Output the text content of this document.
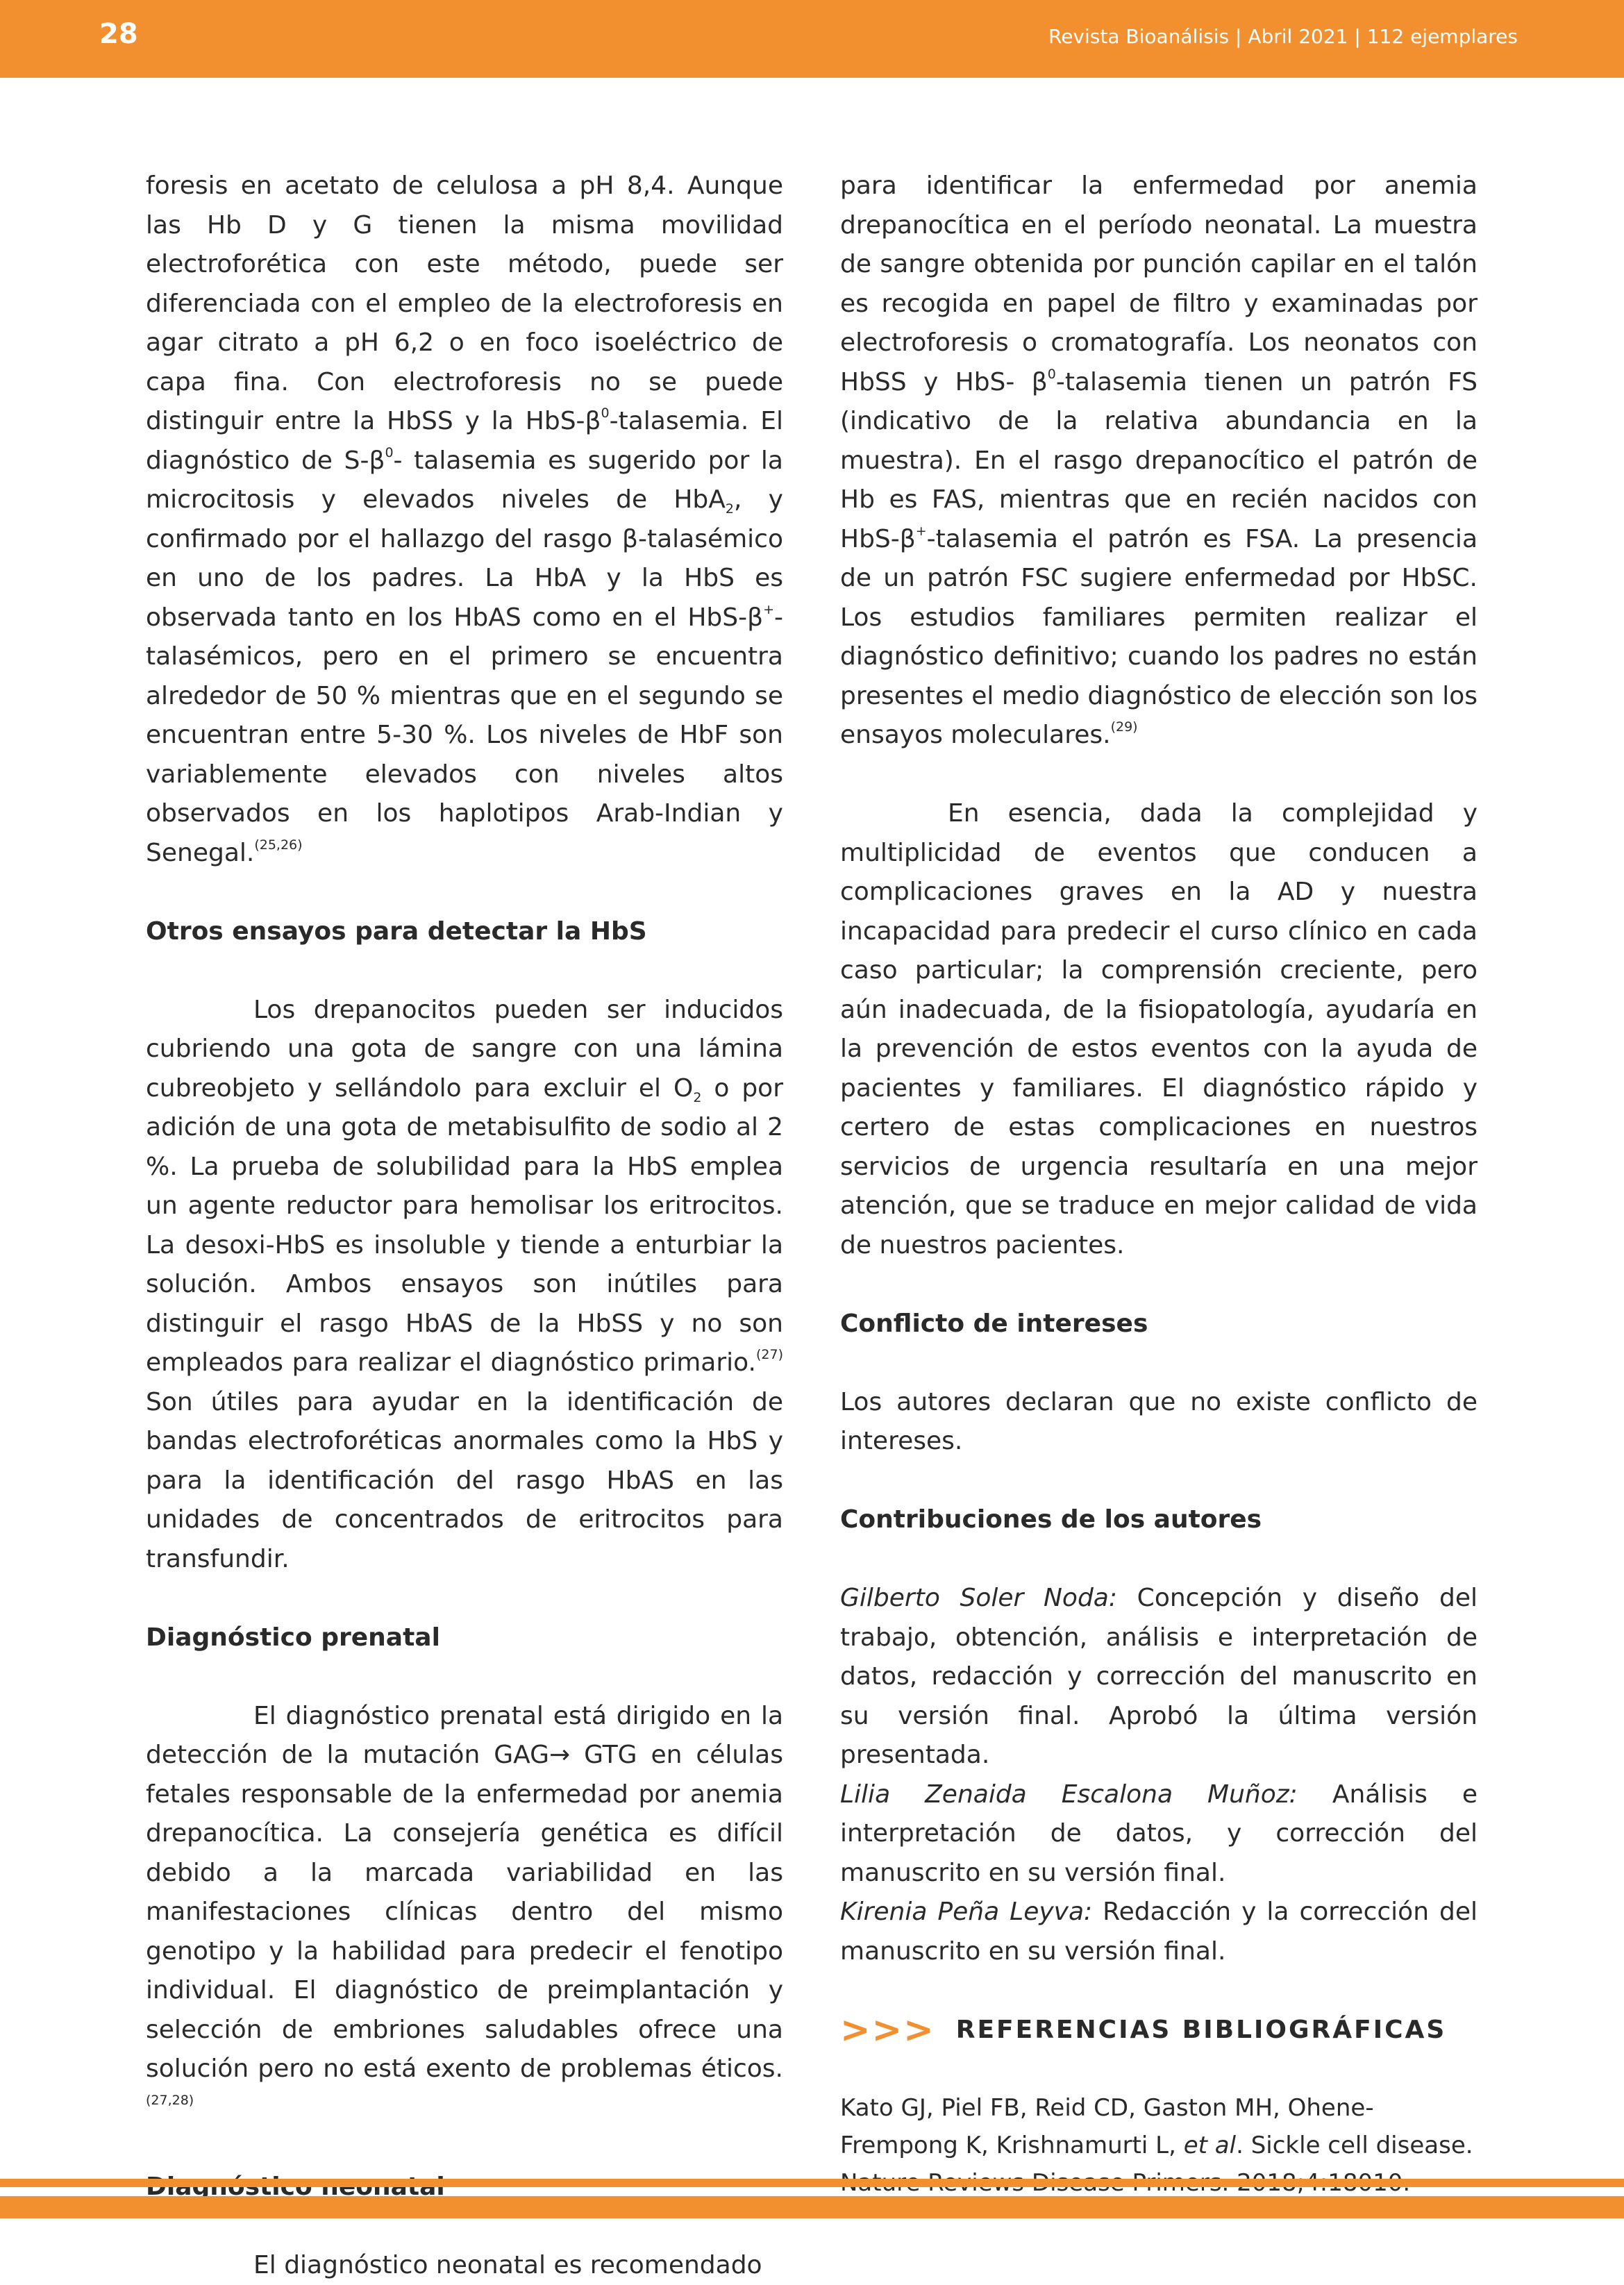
28	Revista Bioanálisis | Abril 2021 | 112 ejemplares

foresis en acetato de celulosa a pH 8,4. Aunque las Hb D y G tienen la misma movilidad electroforética con este método, puede ser diferenciada con el empleo de la electroforesis en agar citrato a pH 6,2 o en foco isoeléctrico de capa fina. Con electroforesis no se puede distinguir entre la HbSS y la HbS-$\beta^0$-talasemia. El diagnóstico de $S-\beta^0-$ talasemia es sugerido por la microcitosis y elevados niveles de HbA$_2$, y confirmado por el hallazgo del rasgo β-talasémico en uno de los padres. La HbA y la HbS es observada tanto en los HbAS como en el HbS-β+-talasémicos, pero en el primero se encuentra alrededor de 50 % mientras que en el segundo se encuentran entre 5-30 %. Los niveles de HbF son variablemente elevados con niveles altos observados en los haplotipos Arab-Indian y Senegal.$^{(25,26)}$

Otros ensayos para detectar la HbS

Los drepanocitos pueden ser inducidos cubriendo una gota de sangre con una lámina cubreobjeto y sellándolo para excluir el $O_2$ o por adición de una gota de metabisulfito de sodio al 2 %. La prueba de solubilidad para la HbS emplea un agente reductor para hemolisar los eritrocitos. La desoxi-HbS es insoluble y tiende a enturbiar la solución. Ambos ensayos son inútiles para distinguir el rasgo HbAS de la HbSS y no son empleados para realizar el diagnóstico primario.$^{(27)}$ Son útiles para ayudar en la identificación de bandas electroforéticas anormales como la HbS y para la identificación del rasgo HbAS en las unidades de concentrados de eritrocitos para transfundir.

Diagnóstico prenatal

El diagnóstico prenatal está dirigido en la detección de la mutación GAG→ GTG en células fetales responsable de la enfermedad por anemia drepanocítica. La consejería genética es difícil debido a la marcada variabilidad en las manifestaciones clínicas dentro del mismo genotipo y la habilidad para predecir el fenotipo individual. El diagnóstico de preimplantación y selección de embriones saludables ofrece una solución pero no está exento de problemas éticos.$^{(27,28)}$

El diagnóstico neonatal es recomendado

para identificar la enfermedad por anemia drepanocítica en el período neonatal. La muestra de sangre obtenida por punción capilar en el talón es recogida en papel de filtro y examinadas por electroforesis o cromatografía. Los neonatos con HbSS y HbS- $\beta^0$-talasemia tienen un patrón FS (indicativo de la relativa abundancia en la muestra). En el rasgo drepanocítico el patrón de Hb es FAS, mientras que en recién nacidos con HbS-β+-talasemia el patrón es FSA. La presencia de un patrón FSC sugiere enfermedad por HbSC. Los estudios familiares permiten realizar el diagnóstico definitivo; cuando los padres no están presentes el medio diagnóstico de elección son los ensayos moleculares.$^{(29)}$

En esencia, dada la complejidad y multiplicidad de eventos que conducen a complicaciones graves en la AD y nuestra incapacidad para predecir el curso clínico en cada caso particular; la comprensión creciente, pero aún inadecuada, de la fisiopatología, ayudaría en la prevención de estos eventos con la ayuda de pacientes y familiares. El diagnóstico rápido y certero de estas complicaciones en nuestros servicios de urgencia resultaría en una mejor atención, que se traduce en mejor calidad de vida de nuestros pacientes.

Conflicto de intereses

Los autores declaran que no existe conflicto de intereses.

Contribuciones de los autores

Gilberto Soler Noda: Concepción y diseño del trabajo, obtención, análisis e interpretación de datos, redacción y corrección del manuscrito en su versión final. Aprobó la última versión presentada.

Lilia Zenaida Escalona Muñoz: Análisis e interpretación de datos, y corrección del manuscrito en su versión final.

Kirenia Peña Leyva: Redacción y la corrección del manuscrito en su versión final.

>>> REFERENCIAS BIBLIOGRÁFICAS

Kato GJ, Piel FB, Reid CD, Gaston MH, Ohene-Frempong K, Krishnamurti L, et al. Sickle cell disease.
